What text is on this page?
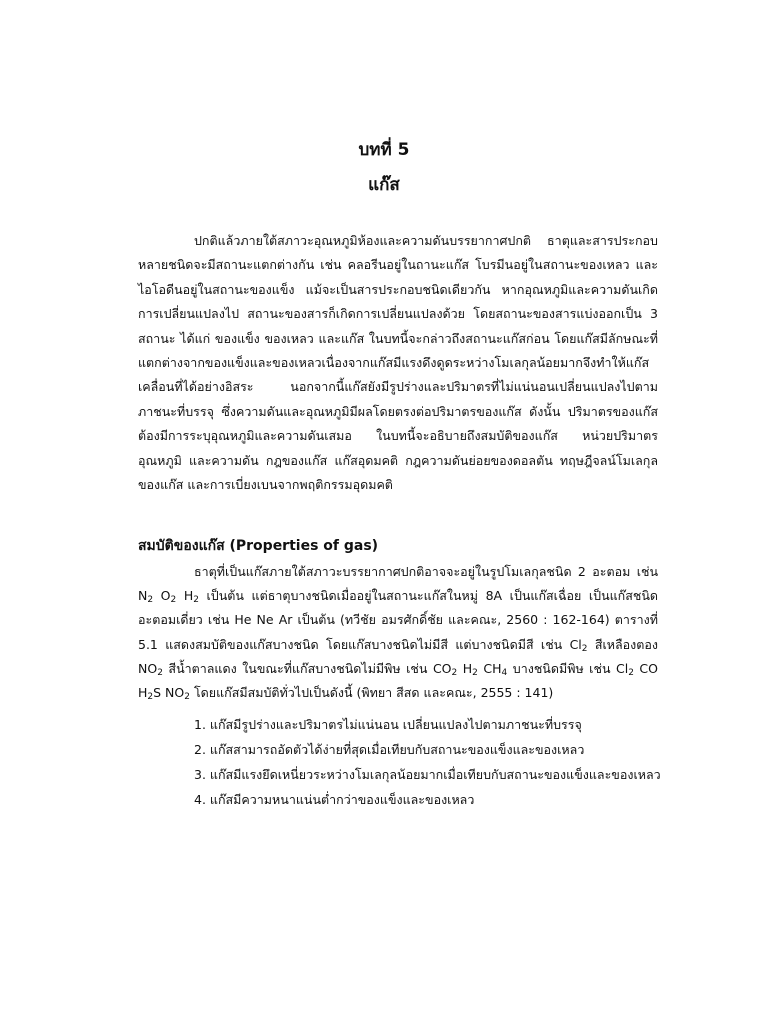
บทที่ 5
แก๊ส

ปกติแล้วภายใต้สภาวะอุณหภูมิห้องและความดันบรรยากาศปกติ ธาตุและสารประกอบหลายชนิดจะมีสถานะแตกต่างกัน เช่น คลอรีนอยู่ในถานะแก๊ส โบรมีนอยู่ในสถานะของเหลว และไอโอดีนอยู่ในสถานะของแข็ง แม้จะเป็นสารประกอบชนิดเดียวกัน หากอุณหภูมิและความดันเกิดการเปลี่ยนแปลงไป สถานะของสารก็เกิดการเปลี่ยนแปลงด้วย โดยสถานะของสารแบ่งออกเป็น 3 สถานะ ได้แก่ ของแข็ง ของเหลว และแก๊ส ในบทนี้จะกล่าวถึงสถานะแก๊สก่อน โดยแก๊สมีลักษณะที่แตกต่างจากของแข็งและของเหลวเนื่องจากแก๊สมีแรงดึงดูดระหว่างโมเลกุลน้อยมากจึงทำให้แก๊สเคลื่อนที่ได้อย่างอิสระ นอกจากนี้แก๊สยังมีรูปร่างและปริมาตรที่ไม่แน่นอนเปลี่ยนแปลงไปตามภาชนะที่บรรจุ ซึ่งความดันและอุณหภูมิมีผลโดยตรงต่อปริมาตรของแก๊ส ดังนั้น ปริมาตรของแก๊สต้องมีการระบุอุณหภูมิและความดันเสมอ ในบทนี้จะอธิบายถึงสมบัติของแก๊ส หน่วยปริมาตร อุณหภูมิ และความดัน กฎของแก๊ส แก๊สอุดมคติ กฎความดันย่อยของดอลตัน ทฤษฎีจลน์โมเลกุลของแก๊ส และการเบี่ยงเบนจากพฤติกรรมอุดมคติ

สมบัติของแก๊ส (Properties of gas)

ธาตุที่เป็นแก๊สภายใต้สภาวะบรรยากาศปกติอาจจะอยู่ในรูปโมเลกุลชนิด 2 อะตอม เช่น $N_2$ $O_2$ $H_2$ เป็นต้น แต่ธาตุบางชนิดเมื่ออยู่ในสถานะแก๊สในหมู่ 8A เป็นแก๊สเฉื่อย เป็นแก๊สชนิดอะตอมเดี่ยว เช่น He Ne Ar เป็นต้น (ทวีชัย อมรศักดิ์ชัย และคณะ, 2560 : 162-164) ตารางที่ 5.1 แสดงสมบัติของแก๊สบางชนิด โดยแก๊สบางชนิดไม่มีสี แต่บางชนิดมีสี เช่น $Cl_2$ สีเหลืองตอง $NO_2$ สีน้ำตาลแดง ในขณะที่แก๊สบางชนิดไม่มีพิษ เช่น $CO_2$ $H_2$ $CH_4$ บางชนิดมีพิษ เช่น $Cl_2$ CO $H_2S$ $NO_2$ โดยแก๊สมีสมบัติทั่วไปเป็นดังนี้ (พิทยา สีสด และคณะ, 2555 : 141)

1. แก๊สมีรูปร่างและปริมาตรไม่แน่นอน เปลี่ยนแปลงไปตามภาชนะที่บรรจุ
2. แก๊สสามารถอัดตัวได้ง่ายที่สุดเมื่อเทียบกับสถานะของแข็งและของเหลว
3. แก๊สมีแรงยึดเหนี่ยวระหว่างโมเลกุลน้อยมากเมื่อเทียบกับสถานะของแข็งและของเหลว
4. แก๊สมีความหนาแน่นต่ำกว่าของแข็งและของเหลว
